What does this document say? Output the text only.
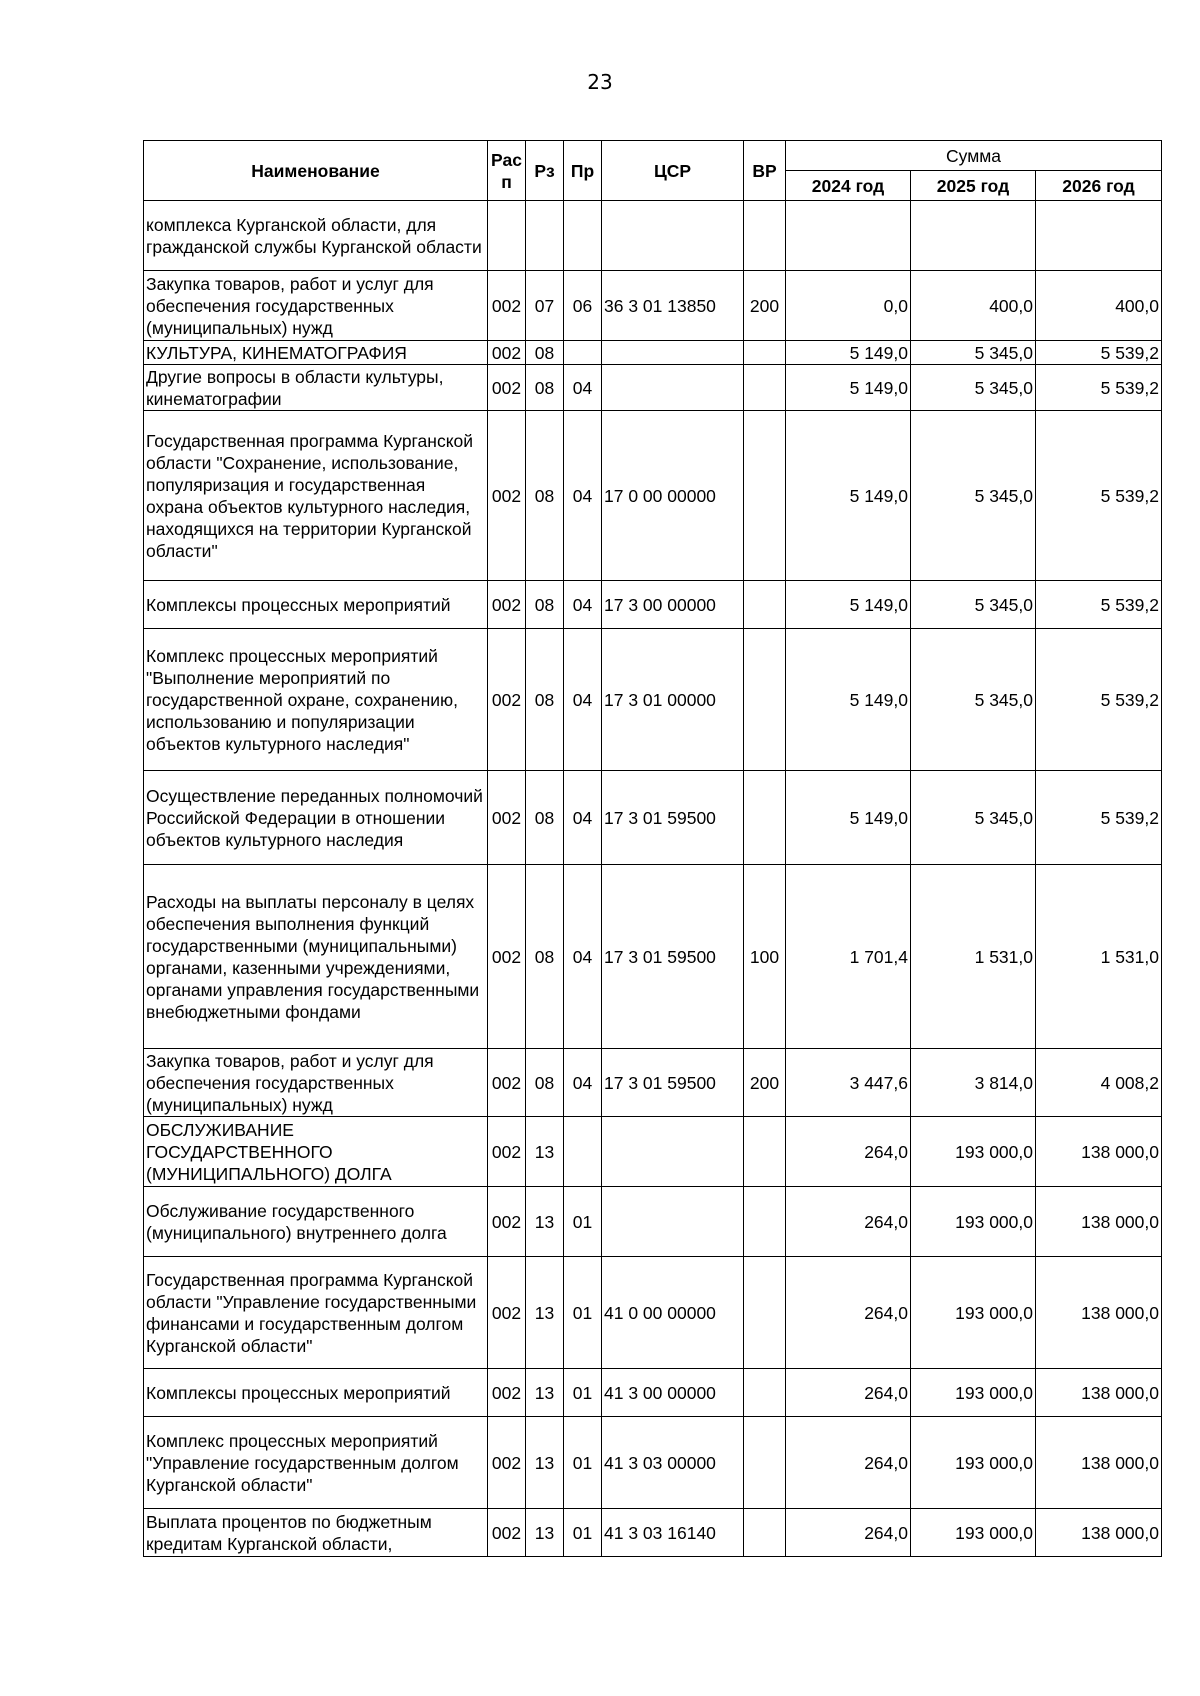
23
Наименование	Рас п	Рз	Пр	ЦСР	ВР	Сумма		
						2024 год	2025 год	2026 год
комплекса Курганской области, для гражданской службы Курганской области								
Закупка товаров, работ и услуг для обеспечения государственных (муниципальных) нужд	002	07	06	36 3 01 13850	200	0,0	400,0	400,0
КУЛЬТУРА, КИНЕМАТОГРАФИЯ	002	08				5 149,0	5 345,0	5 539,2
Другие вопросы в области культуры, кинематографии	002	08	04			5 149,0	5 345,0	5 539,2
Государственная программа Курганской области "Сохранение, использование, популяризация и государственная охрана объектов культурного наследия, находящихся на территории Курганской области"	002	08	04	17 0 00 00000		5 149,0	5 345,0	5 539,2
Комплексы процессных мероприятий	002	08	04	17 3 00 00000		5 149,0	5 345,0	5 539,2
Комплекс процессных мероприятий "Выполнение мероприятий по государственной охране, сохранению, использованию и популяризации объектов культурного наследия"	002	08	04	17 3 01 00000		5 149,0	5 345,0	5 539,2
Осуществление переданных полномочий Российской Федерации в отношении объектов культурного наследия	002	08	04	17 3 01 59500		5 149,0	5 345,0	5 539,2
Расходы на выплаты персоналу в целях обеспечения выполнения функций государственными (муниципальными) органами, казенными учреждениями, органами управления государственными внебюджетными фондами	002	08	04	17 3 01 59500	100	1 701,4	1 531,0	1 531,0
Закупка товаров, работ и услуг для обеспечения государственных (муниципальных) нужд	002	08	04	17 3 01 59500	200	3 447,6	3 814,0	4 008,2
ОБСЛУЖИВАНИЕ ГОСУДАРСТВЕННОГО (МУНИЦИПАЛЬНОГО) ДОЛГА	002	13				264,0	193 000,0	138 000,0
Обслуживание государственного (муниципального) внутреннего долга	002	13	01			264,0	193 000,0	138 000,0
Государственная программа Курганской области "Управление государственными финансами и государственным долгом Курганской области"	002	13	01	41 0 00 00000		264,0	193 000,0	138 000,0
Комплексы процессных мероприятий	002	13	01	41 3 00 00000		264,0	193 000,0	138 000,0
Комплекс процессных мероприятий "Управление государственным долгом Курганской области"	002	13	01	41 3 03 00000		264,0	193 000,0	138 000,0
Выплата процентов по бюджетным кредитам Курганской области,	002	13	01	41 3 03 16140		264,0	193 000,0	138 000,0
